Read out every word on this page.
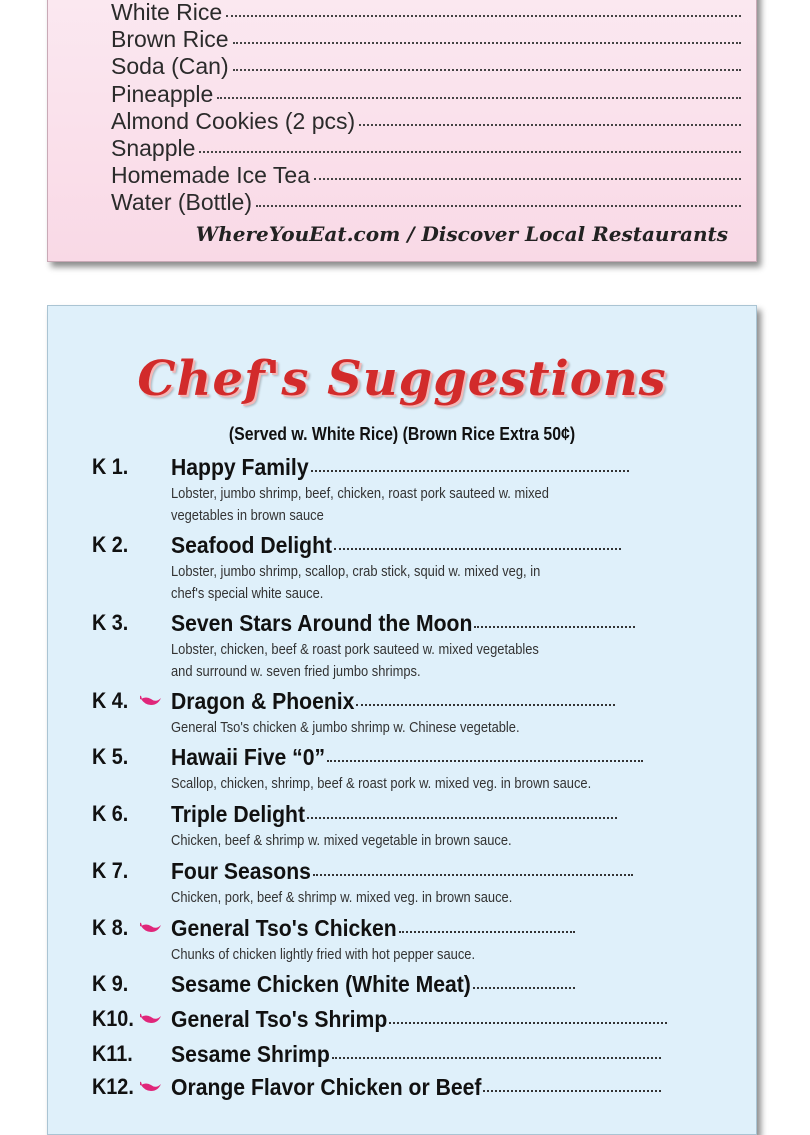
White Rice
Brown Rice
Soda (Can)
Pineapple
Almond Cookies (2 pcs)
Snapple
Homemade Ice Tea
Water (Bottle)
WhereYouEat.com / Discover Local Restaurants
Chef's Suggestions
(Served w. White Rice) (Brown Rice Extra 50¢)
K 1. Happy Family
Lobster, jumbo shrimp, beef, chicken, roast pork sauteed w. mixed
vegetables in brown sauce
K 2. Seafood Delight
Lobster, jumbo shrimp, scallop, crab stick, squid w. mixed veg, in
chef's special white sauce.
K 3. Seven Stars Around the Moon
Lobster, chicken, beef & roast pork sauteed w. mixed vegetables
and surround w. seven fried jumbo shrimps.
K 4. Dragon & Phoenix
General Tso's chicken & jumbo shrimp w. Chinese vegetable.
K 5. Hawaii Five “0”
Scallop, chicken, shrimp, beef & roast pork w. mixed veg. in brown sauce.
K 6. Triple Delight
Chicken, beef & shrimp w. mixed vegetable in brown sauce.
K 7. Four Seasons
Chicken, pork, beef & shrimp w. mixed veg. in brown sauce.
K 8. General Tso's Chicken
Chunks of chicken lightly fried with hot pepper sauce.
K 9. Sesame Chicken (White Meat)
K10. General Tso's Shrimp
K11. Sesame Shrimp
K12. Orange Flavor Chicken or Beef
